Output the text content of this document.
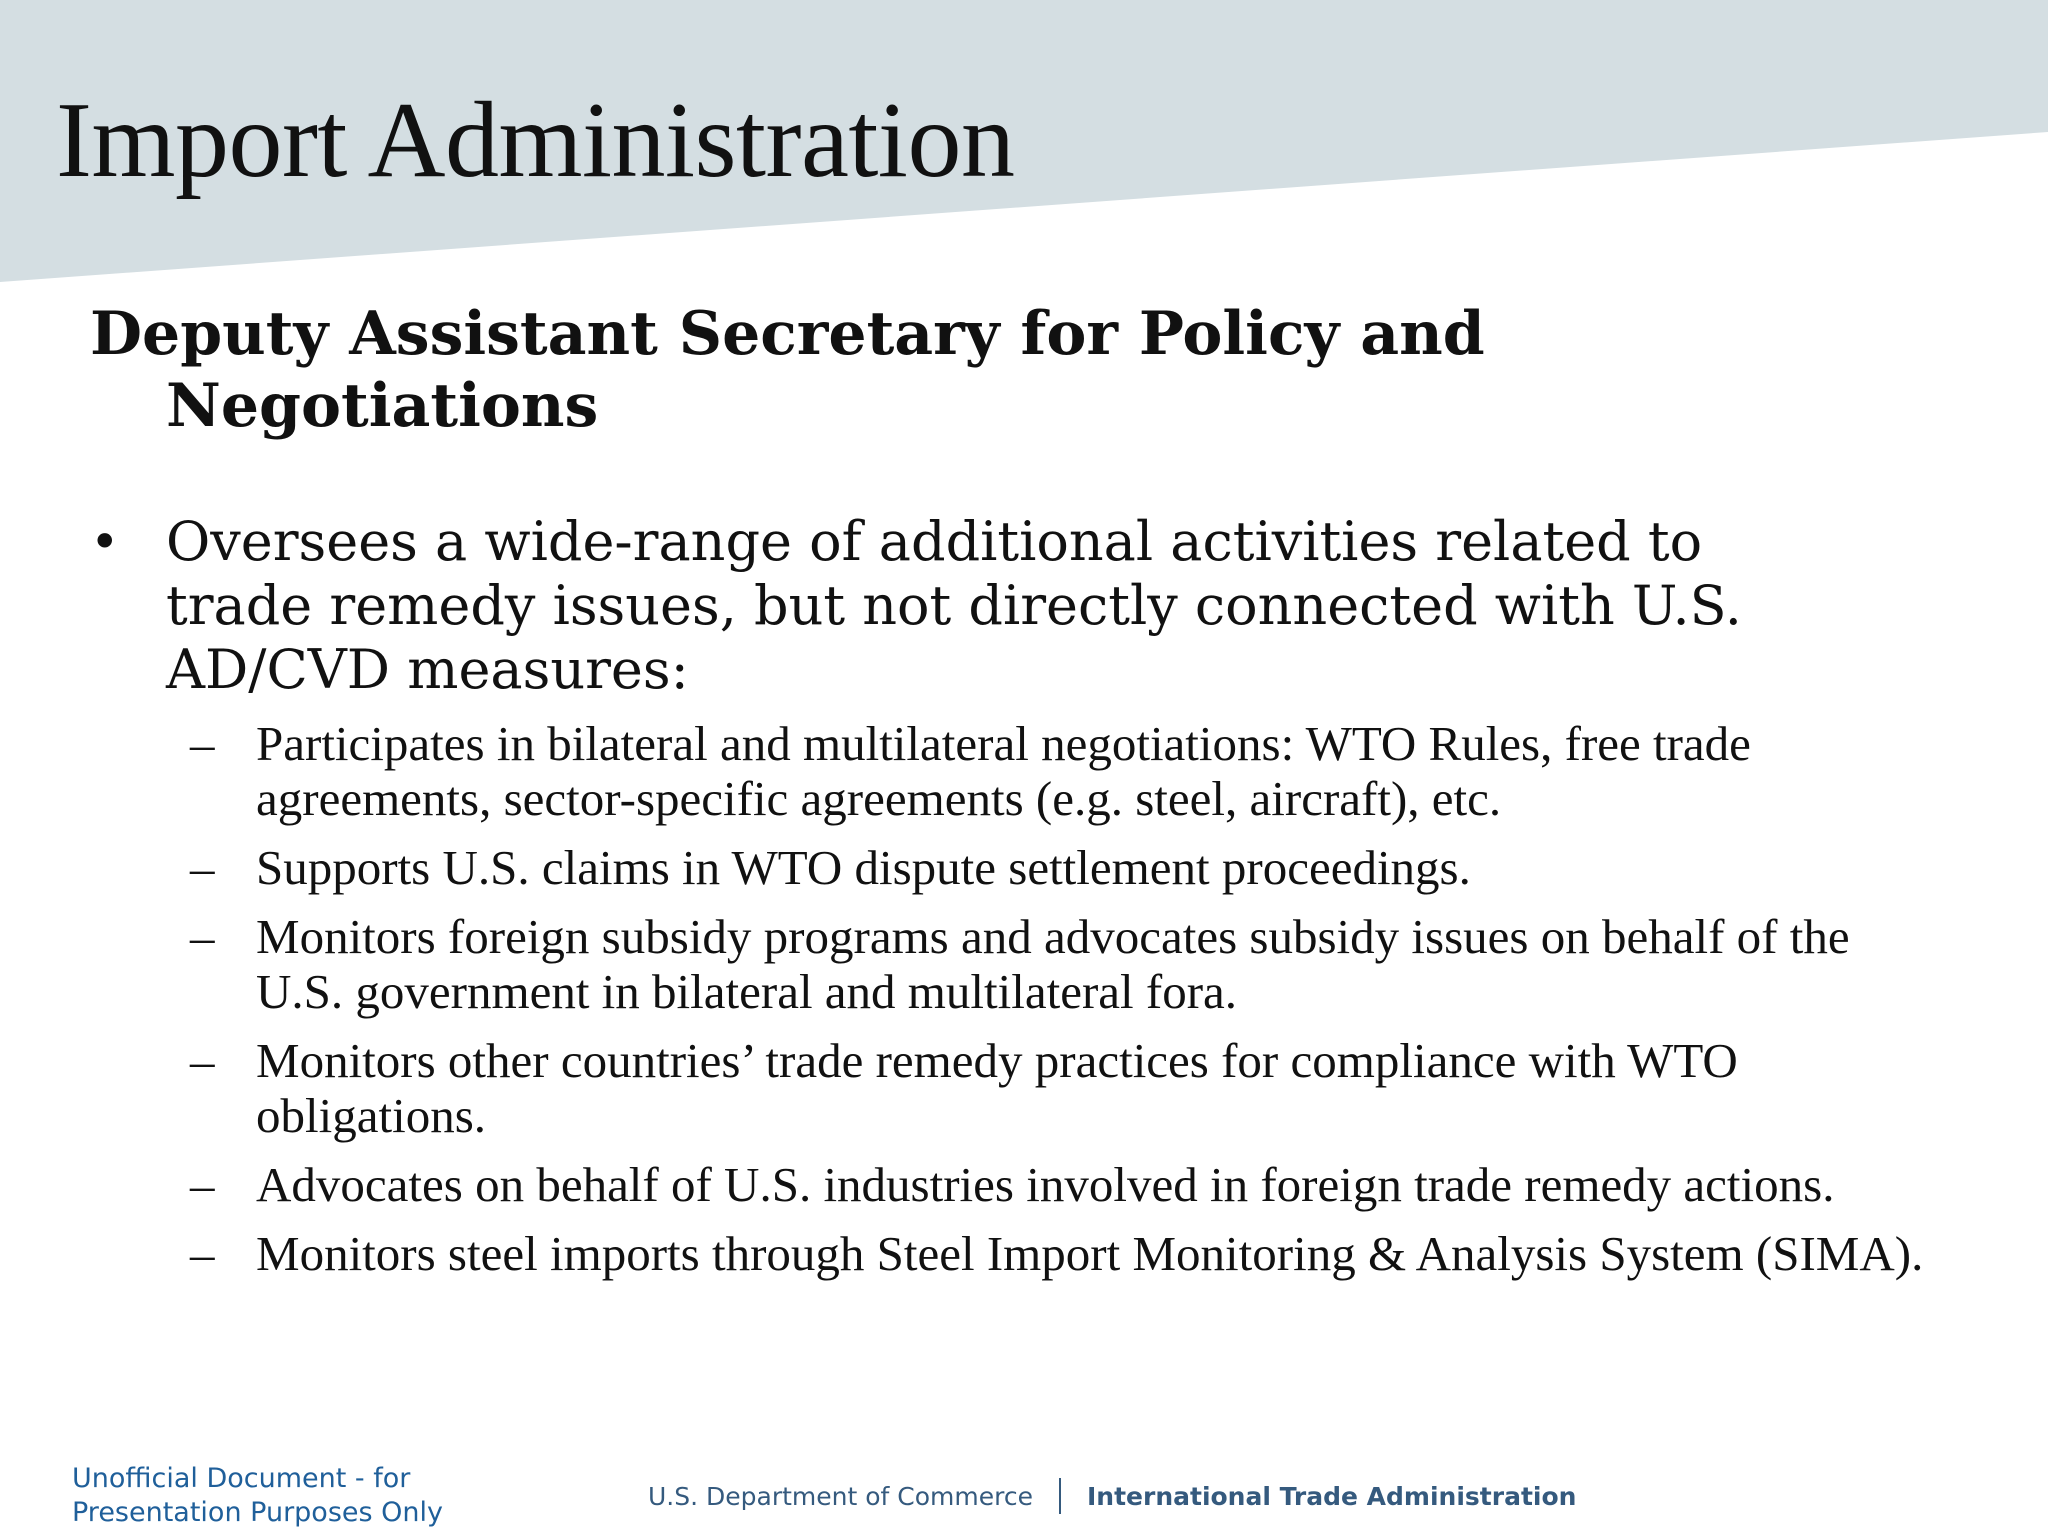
Import Administration
Deputy Assistant Secretary for Policy and Negotiations
• Oversees a wide-range of additional activities related to trade remedy issues, but not directly connected with U.S. AD/CVD measures:
– Participates in bilateral and multilateral negotiations: WTO Rules, free trade agreements, sector-specific agreements (e.g. steel, aircraft), etc.
– Supports U.S. claims in WTO dispute settlement proceedings.
– Monitors foreign subsidy programs and advocates subsidy issues on behalf of the U.S. government in bilateral and multilateral fora.
– Monitors other countries’ trade remedy practices for compliance with WTO obligations.
– Advocates on behalf of U.S. industries involved in foreign trade remedy actions.
– Monitors steel imports through Steel Import Monitoring & Analysis System (SIMA).
Unofficial Document - for
Presentation Purposes Only
U.S. Department of Commerce International Trade Administration
